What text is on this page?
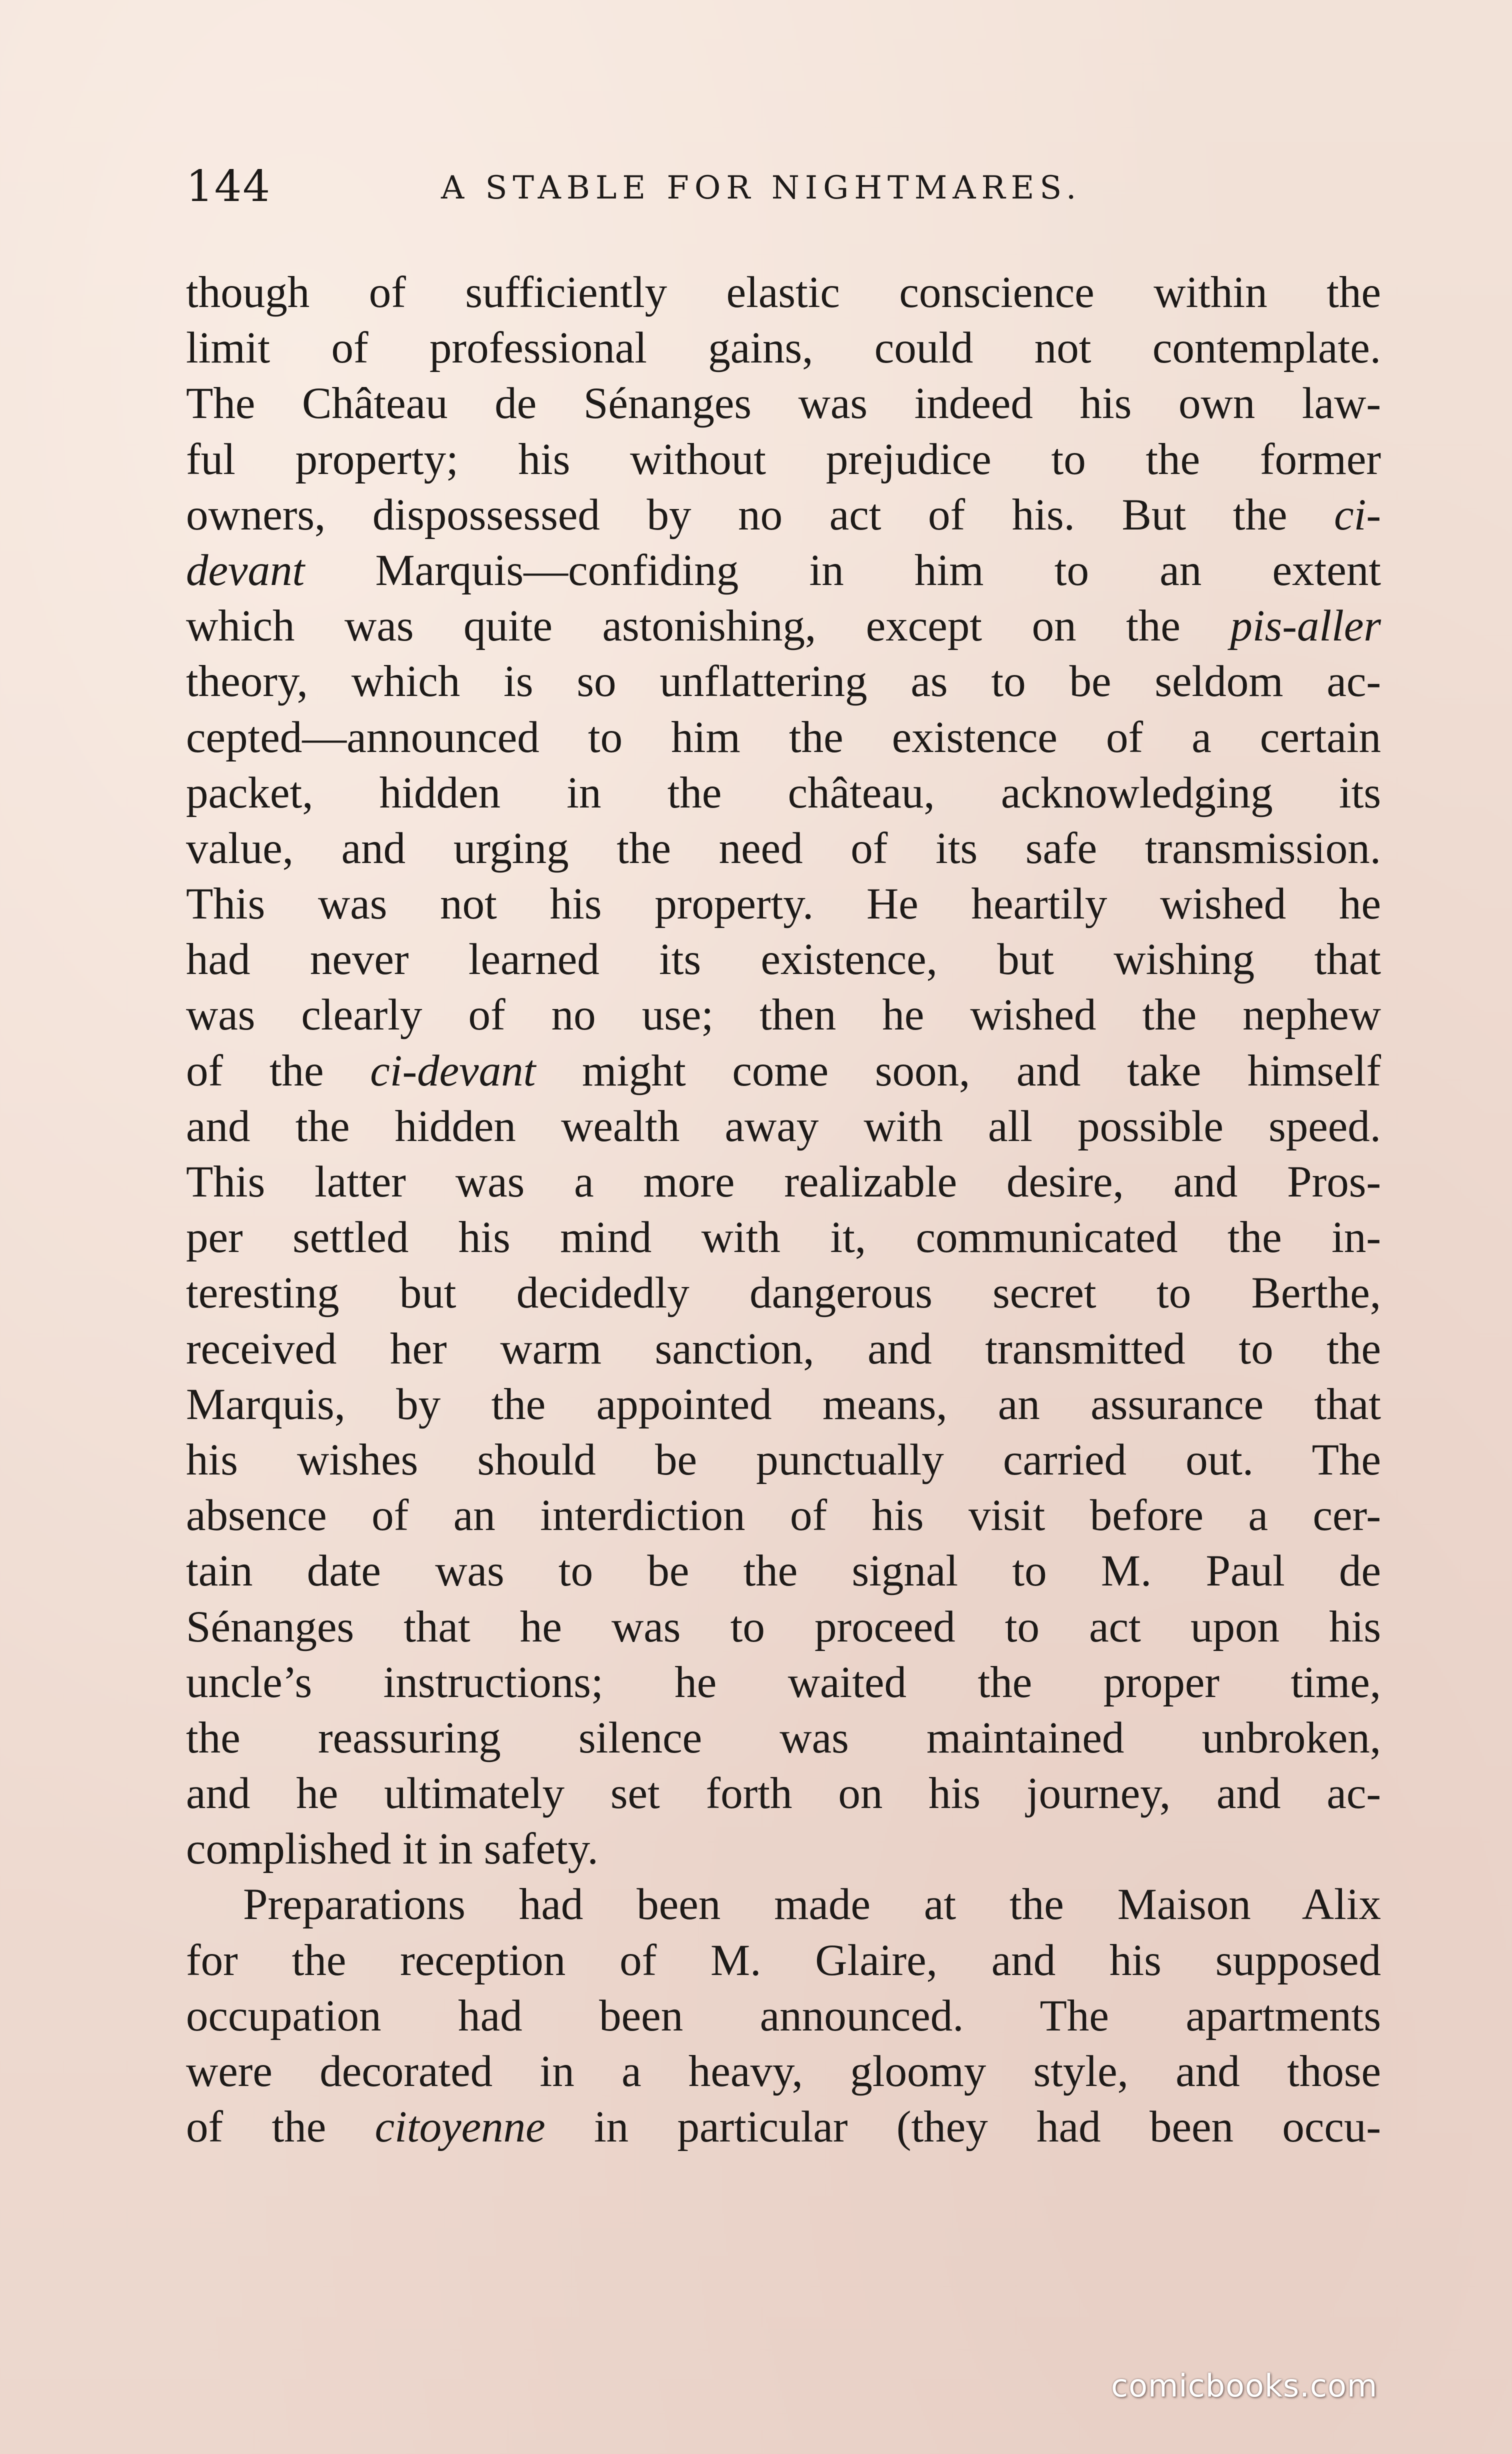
144	A STABLE FOR NIGHTMARES.
though of sufficiently elastic conscience within the
limit of professional gains, could not contemplate.
The Château de Sénanges was indeed his own law-
ful property; his without prejudice to the former
owners, dispossessed by no act of his. But the ci-
devant Marquis—confiding in him to an extent
which was quite astonishing, except on the pis-aller
theory, which is so unflattering as to be seldom ac-
cepted—announced to him the existence of a certain
packet, hidden in the château, acknowledging its
value, and urging the need of its safe transmission.
This was not his property. He heartily wished he
had never learned its existence, but wishing that
was clearly of no use; then he wished the nephew
of the ci-devant might come soon, and take himself
and the hidden wealth away with all possible speed.
This latter was a more realizable desire, and Pros-
per settled his mind with it, communicated the in-
teresting but decidedly dangerous secret to Berthe,
received her warm sanction, and transmitted to the
Marquis, by the appointed means, an assurance that
his wishes should be punctually carried out. The
absence of an interdiction of his visit before a cer-
tain date was to be the signal to M. Paul de
Sénanges that he was to proceed to act upon his
uncle’s instructions; he waited the proper time,
the reassuring silence was maintained unbroken,
and he ultimately set forth on his journey, and ac-
complished it in safety.
Preparations had been made at the Maison Alix
for the reception of M. Glaire, and his supposed
occupation had been announced. The apartments
were decorated in a heavy, gloomy style, and those
of the citoyenne in particular (they had been occu-
comicbooks.com
